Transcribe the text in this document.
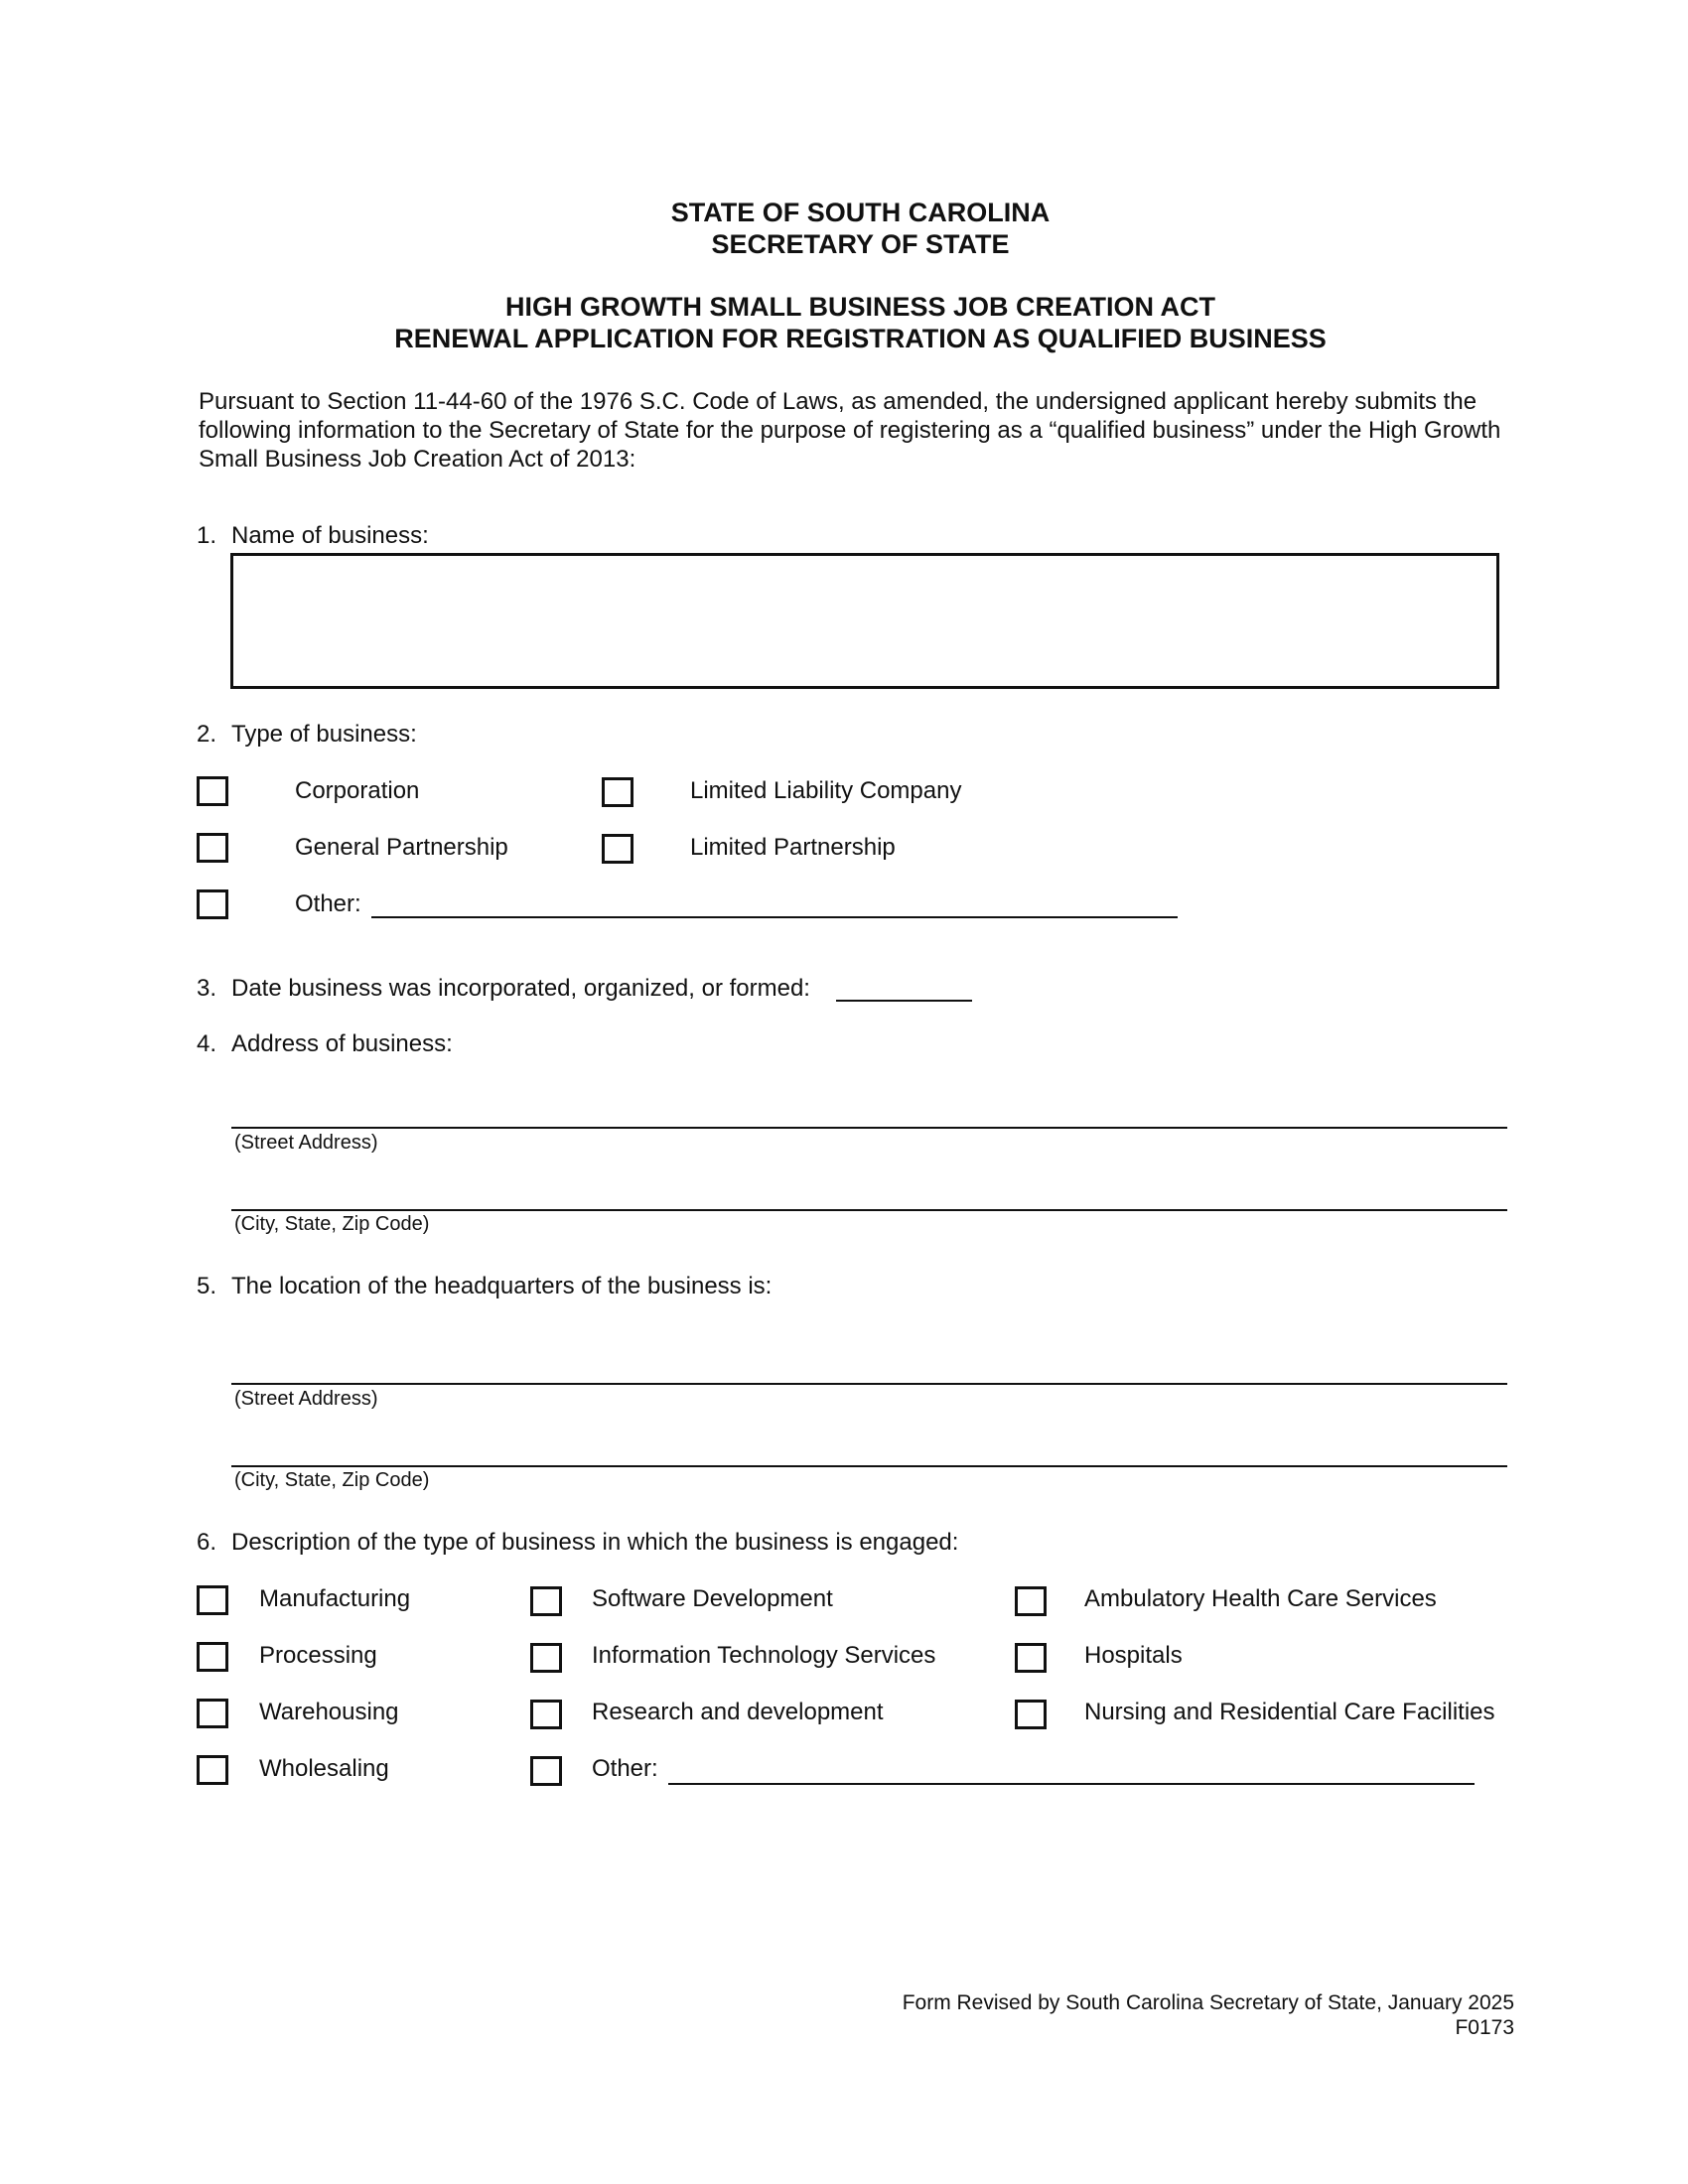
STATE OF SOUTH CAROLINA
SECRETARY OF STATE
HIGH GROWTH SMALL BUSINESS JOB CREATION ACT
RENEWAL APPLICATION FOR REGISTRATION AS QUALIFIED BUSINESS
Pursuant to Section 11-44-60 of the 1976 S.C. Code of Laws, as amended, the undersigned applicant hereby submits the following information to the Secretary of State for the purpose of registering as a “qualified business” under the High Growth Small Business Job Creation Act of 2013:
1. Name of business:
2. Type of business:
Corporation	Limited Liability Company
General Partnership	Limited Partnership
Other:
3. Date business was incorporated, organized, or formed:
4. Address of business:
(Street Address)
(City, State, Zip Code)
5. The location of the headquarters of the business is:
(Street Address)
(City, State, Zip Code)
6. Description of the type of business in which the business is engaged:
Manufacturing
Processing
Warehousing
Wholesaling
Software Development
Information Technology Services
Research and development
Other:
Ambulatory Health Care Services
Hospitals
Nursing and Residential Care Facilities
Form Revised by South Carolina Secretary of State, January 2025
F0173
